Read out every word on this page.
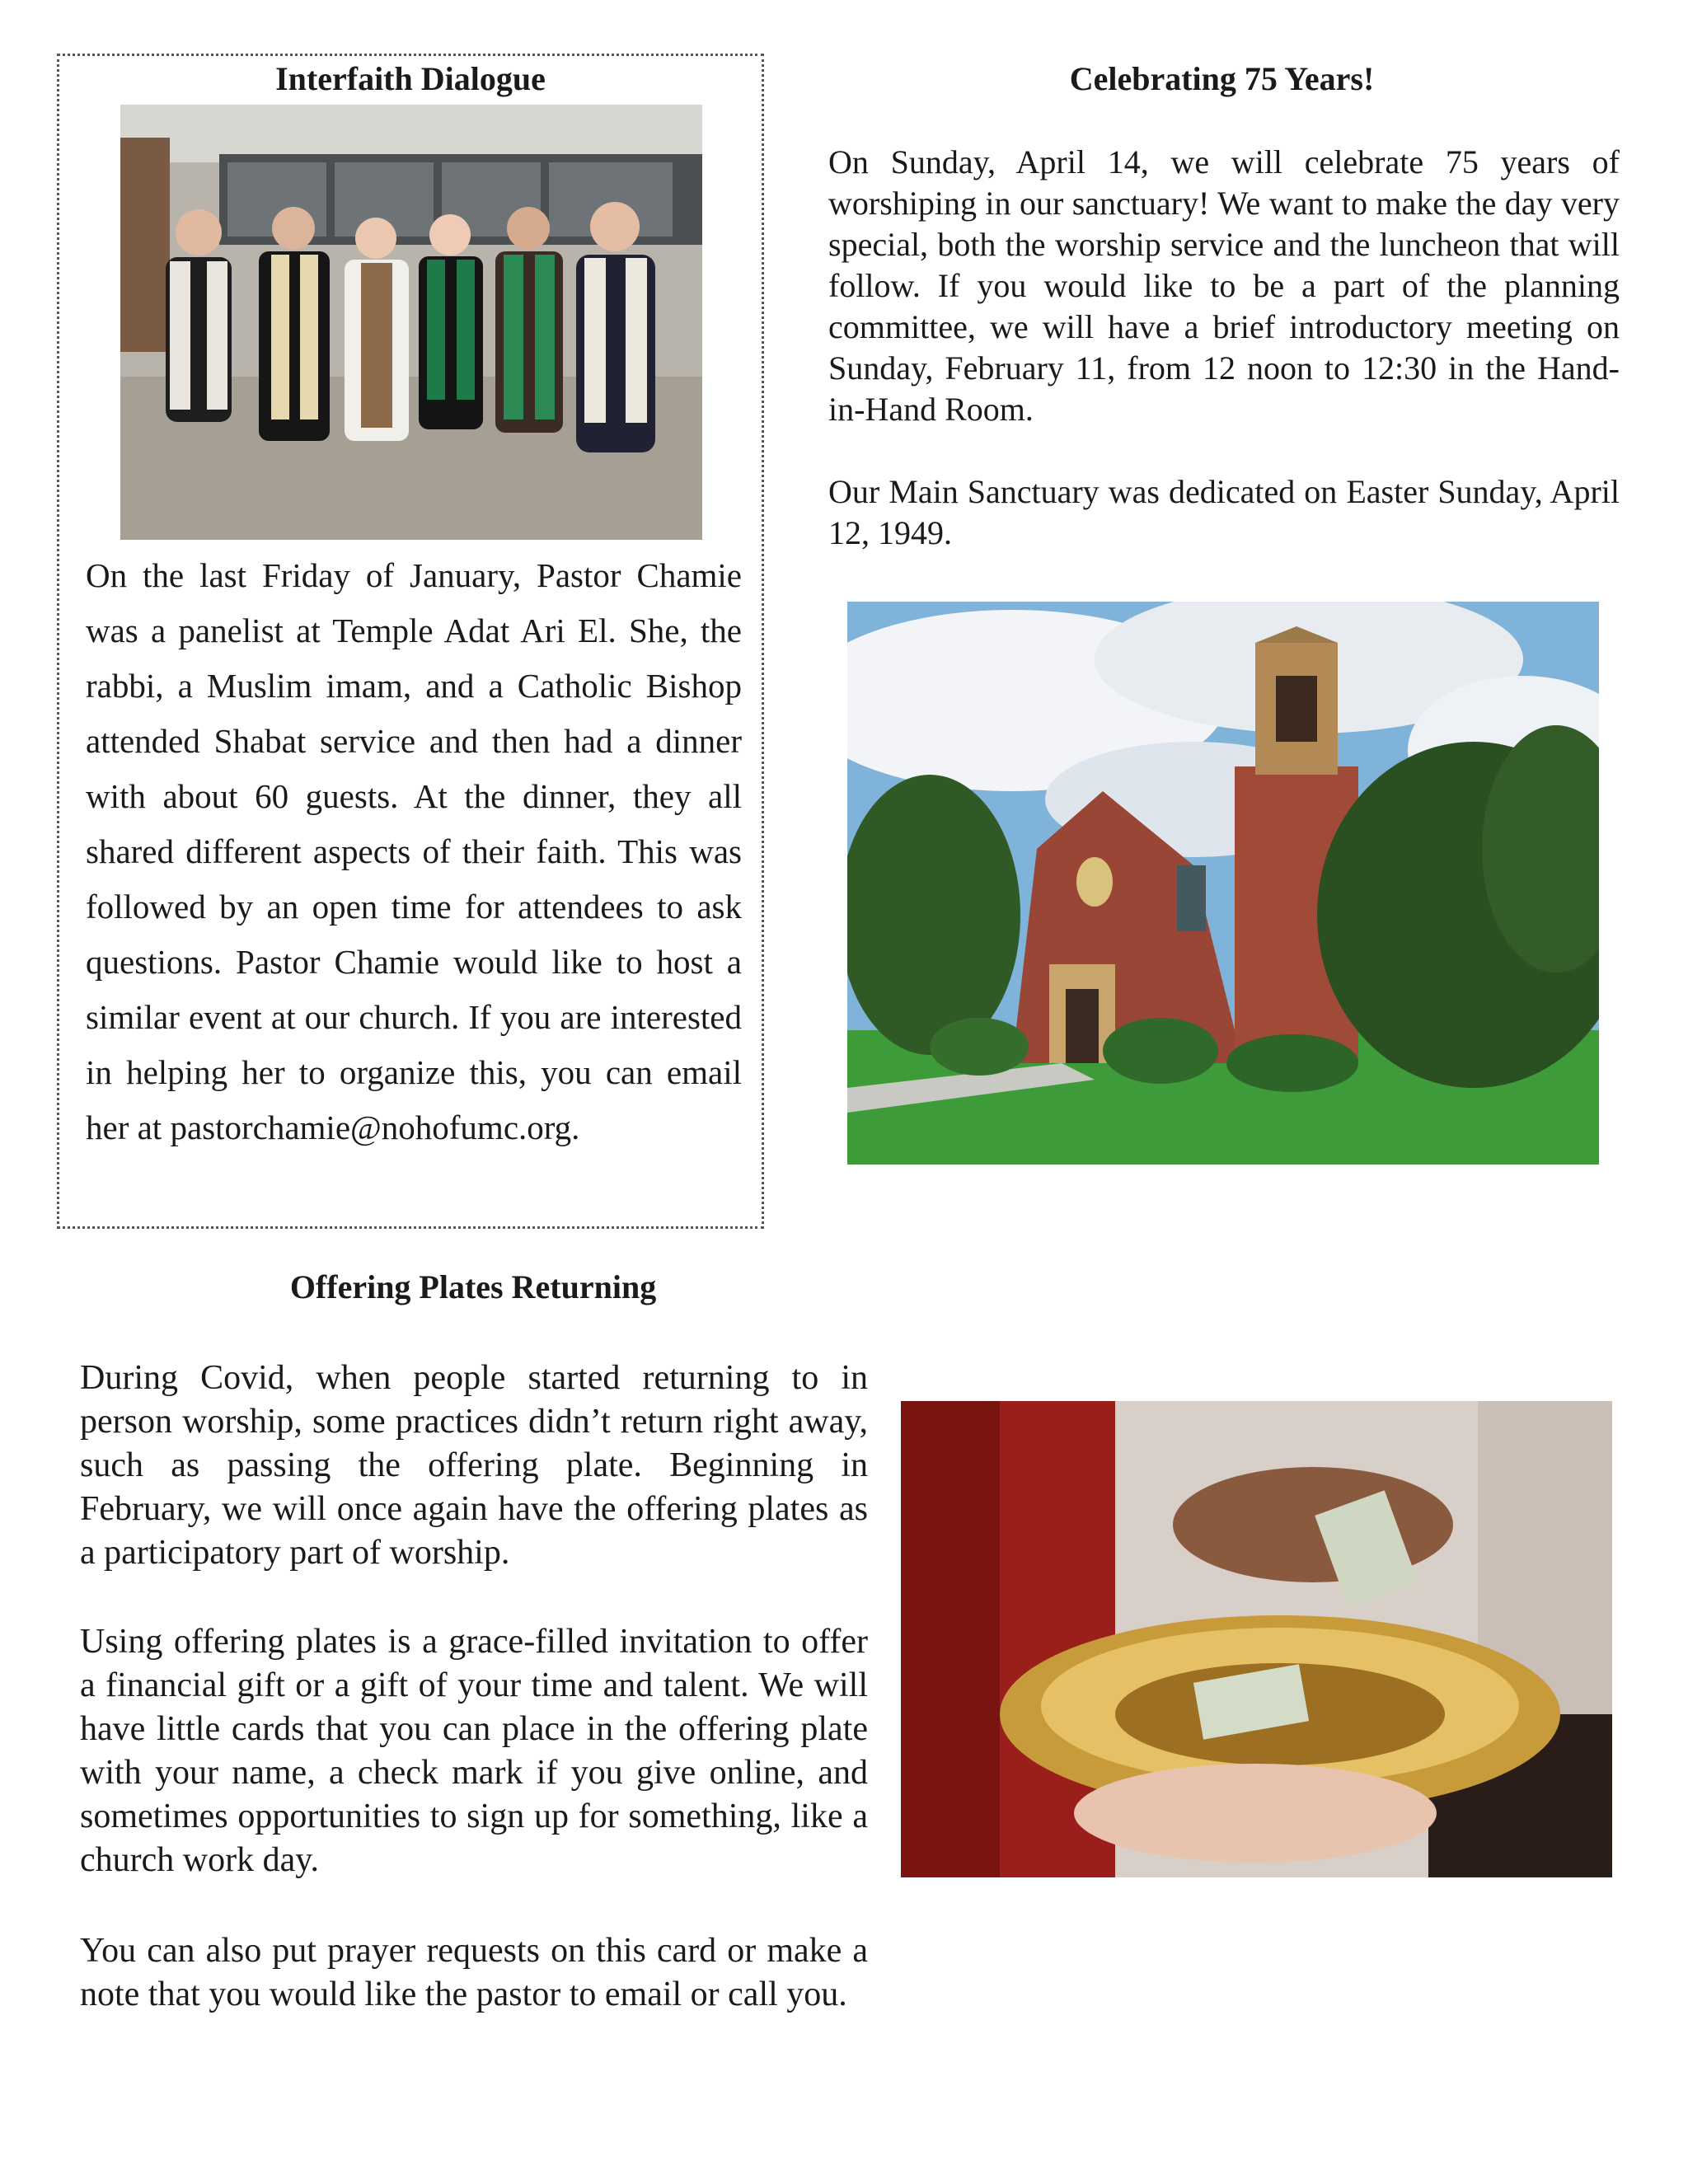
Interfaith Dialogue

On the last Friday of January, Pastor Chamie was a panelist at Temple Adat Ari El. She, the rabbi, a Muslim imam, and a Catholic Bishop attended Shabat service and then had a dinner with about 60 guests. At the dinner, they all shared different aspects of their faith. This was followed by an open time for attendees to ask questions. Pastor Chamie would like to host a similar event at our church. If you are interested in helping her to organize this, you can email her at pastorchamie@nohofumc.org.

Celebrating 75 Years!

On Sunday, April 14, we will celebrate 75 years of worshiping in our sanctuary! We want to make the day very special, both the worship service and the luncheon that will follow. If you would like to be a part of the planning committee, we will have a brief introductory meeting on Sunday, February 11, from 12 noon to 12:30 in the Hand-in-Hand Room.

Our Main Sanctuary was dedicated on Easter Sunday, April 12, 1949.

Offering Plates Returning

During Covid, when people started returning to in person worship, some practices didn’t return right away, such as passing the offering plate. Beginning in February, we will once again have the offering plates as a participatory part of worship.

Using offering plates is a grace-filled invitation to offer a financial gift or a gift of your time and talent. We will have little cards that you can place in the offering plate with your name, a check mark if you give online, and sometimes opportunities to sign up for something, like a church work day.

You can also put prayer requests on this card or make a note that you would like the pastor to email or call you.
